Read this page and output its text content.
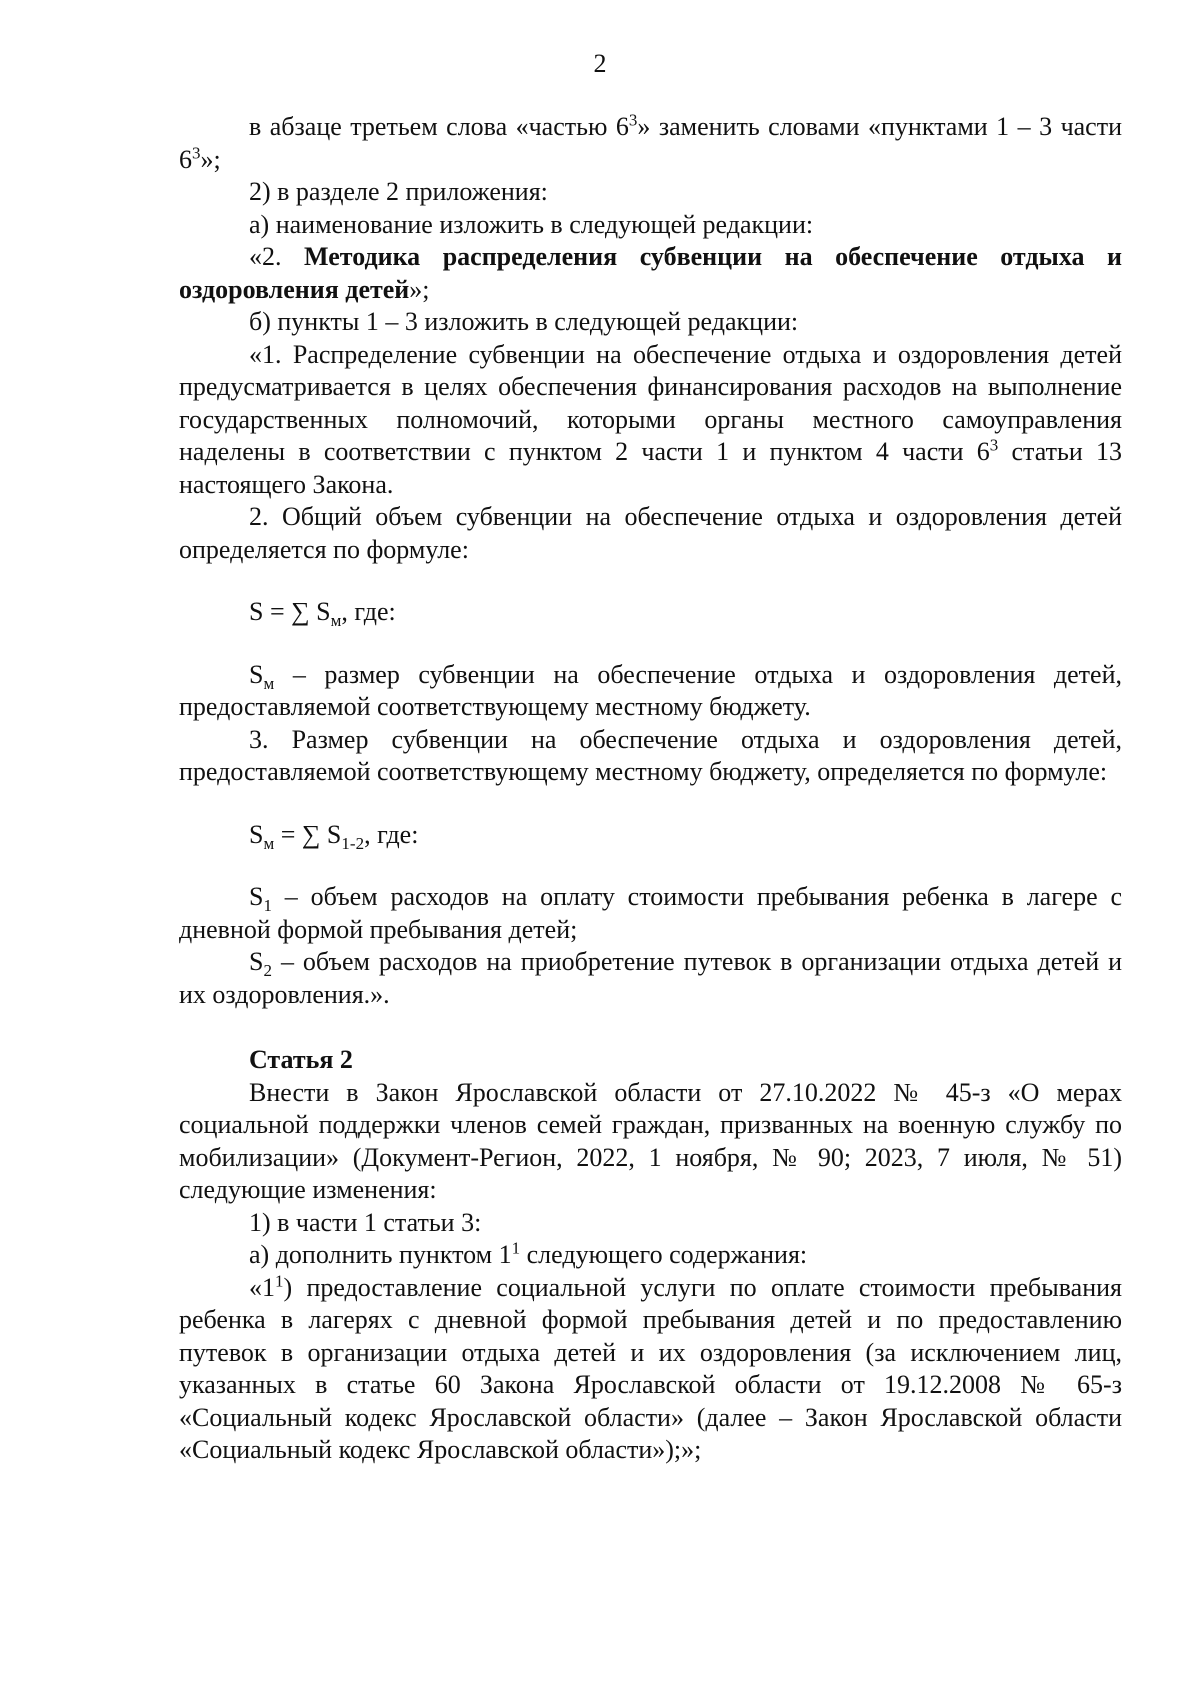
2

в абзаце третьем слова «частью $6^3$» заменить словами «пунктами 1 – 3 части $6^3$»;

2) в разделе 2 приложения:

а) наименование изложить в следующей редакции:

«2. Методика распределения субвенции на обеспечение отдыха и оздоровления детей»;

б) пункты 1 – 3 изложить в следующей редакции:

«1. Распределение субвенции на обеспечение отдыха и оздоровления детей предусматривается в целях обеспечения финансирования расходов на выполнение государственных полномочий, которыми органы местного самоуправления наделены в соответствии с пунктом 2 части 1 и пунктом 4 части $6^3$ статьи 13 настоящего Закона.

2. Общий объем субвенции на обеспечение отдыха и оздоровления детей определяется по формуле:

S = ∑ $S_м$, где:

$S_м$ – размер субвенции на обеспечение отдыха и оздоровления детей, предоставляемой соответствующему местному бюджету.

3. Размер субвенции на обеспечение отдыха и оздоровления детей, предоставляемой соответствующему местному бюджету, определяется по формуле:

$S_м$ = ∑ $S_{1-2}$, где:

$S_1$ – объем расходов на оплату стоимости пребывания ребенка в лагере с дневной формой пребывания детей;

$S_2$ – объем расходов на приобретение путевок в организации отдыха детей и их оздоровления.».

Статья 2

Внести в Закон Ярославской области от 27.10.2022 № 45-з «О мерах социальной поддержки членов семей граждан, призванных на военную службу по мобилизации» (Документ-Регион, 2022, 1 ноября, № 90; 2023, 7 июля, № 51) следующие изменения:

1) в части 1 статьи 3:

а) дополнить пунктом $1^1$ следующего содержания:

«$1^1$) предоставление социальной услуги по оплате стоимости пребывания ребенка в лагерях с дневной формой пребывания детей и по предоставлению путевок в организации отдыха детей и их оздоровления (за исключением лиц, указанных в статье 60 Закона Ярославской области от 19.12.2008 № 65-з «Социальный кодекс Ярославской области» (далее – Закон Ярославской области «Социальный кодекс Ярославской области»);»;
